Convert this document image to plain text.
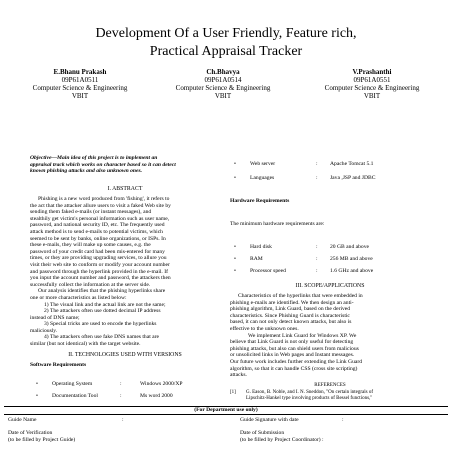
Development Of a User Friendly, Feature rich,
Practical Appraisal Tracker
E.Bhanu Prakash
09P61A0511
Computer Science & Engineering
VBIT
Ch.Bhavya
09P61A0514
Computer Science & Engineering
VBIT
V.Prashanthi
09P61A0551
Computer Science & Engineering
VBIT
Objective—Main idea of this project is to implement an
appraisal track which works on character based so it can detect
known phishing attacks and also unknown ones.
I. ABSTRACT
Phishing is a new word produced from 'fishing', it refers to
the act that the attacker allure users to visit a faked Web site by
sending them faked e-mails (or instant messages), and
stealthily get victim's personal information such as user name,
password, and national security ID, etc. The frequently used
attack method is to send e-mails to potential victims, which
seemed to be sent by banks, online organizations, or ISPs. In
these e-mails, they will make up some causes, e.g. the
password of your credit card had been mis-entered for many
times, or they are providing upgrading services, to allure you
visit their web site to conform or modify your account number
and password through the hyperlink provided in the e-mail. If
you input the account number and password, the attackers then
successfully collect the information at the server side.
Our analysis identifies that the phishing hyperlinks share
one or more characteristics as listed below:
1) The visual link and the actual link are not the same;
2) The attackers often use dotted decimal IP address
instead of DNS name;
3) Special tricks are used to encode the hyperlinks
maliciously.
4) The attackers often use fake DNS names that are
similar (but not identical) with the target website.
II. TECHNOLOGIES USED WITH VERSIONS
Software Requirements
•	Operating System	:	Windows 2000/XP
•	Documentation Tool	:	Ms word 2000
•	Web server	: Apache Tomcat 5.1
•	Languages	: Java ,JSP and JDBC
Hardware Requirements
The minimum hardware requirements are:
•	Hard disk	: 20 GB and above
•	RAM	: 256 MB and above
•	Processor speed	: 1.6 GHz and above
III. SCOPE/APPLICATIONS
Characteristics of the hyperlinks that were embedded in
phishing e-mails are identified. We then design an anti-
phishing algorithm, Link Guard, based on the derived
characteristics. Since Phishing Guard is characteristic
based, it can not only detect known attacks, but also is
effective to the unknown ones.
We implement Link Guard for Windows XP. We
believe that Link Guard is not only useful for detecting
phishing attacks, but also can shield users from malicious
or unsolicited links in Web pages and Instant messages.
Our future work includes further extending the Link Guard
algorithm, so that it can handle CSS (cross site scripting)
attacks.
REFERENCES
[1] G. Eason, B. Noble, and I. N. Sneddon, "On certain integrals of
Lipschitz-Hankel type involving products of Bessel functions,"
(For Department use only)
Guide Name	:	Guide Signature with date	:
Date of Verification
(to be filled by Project Guide)
Date of Submission
(to be filled by Project Coordinator) :
